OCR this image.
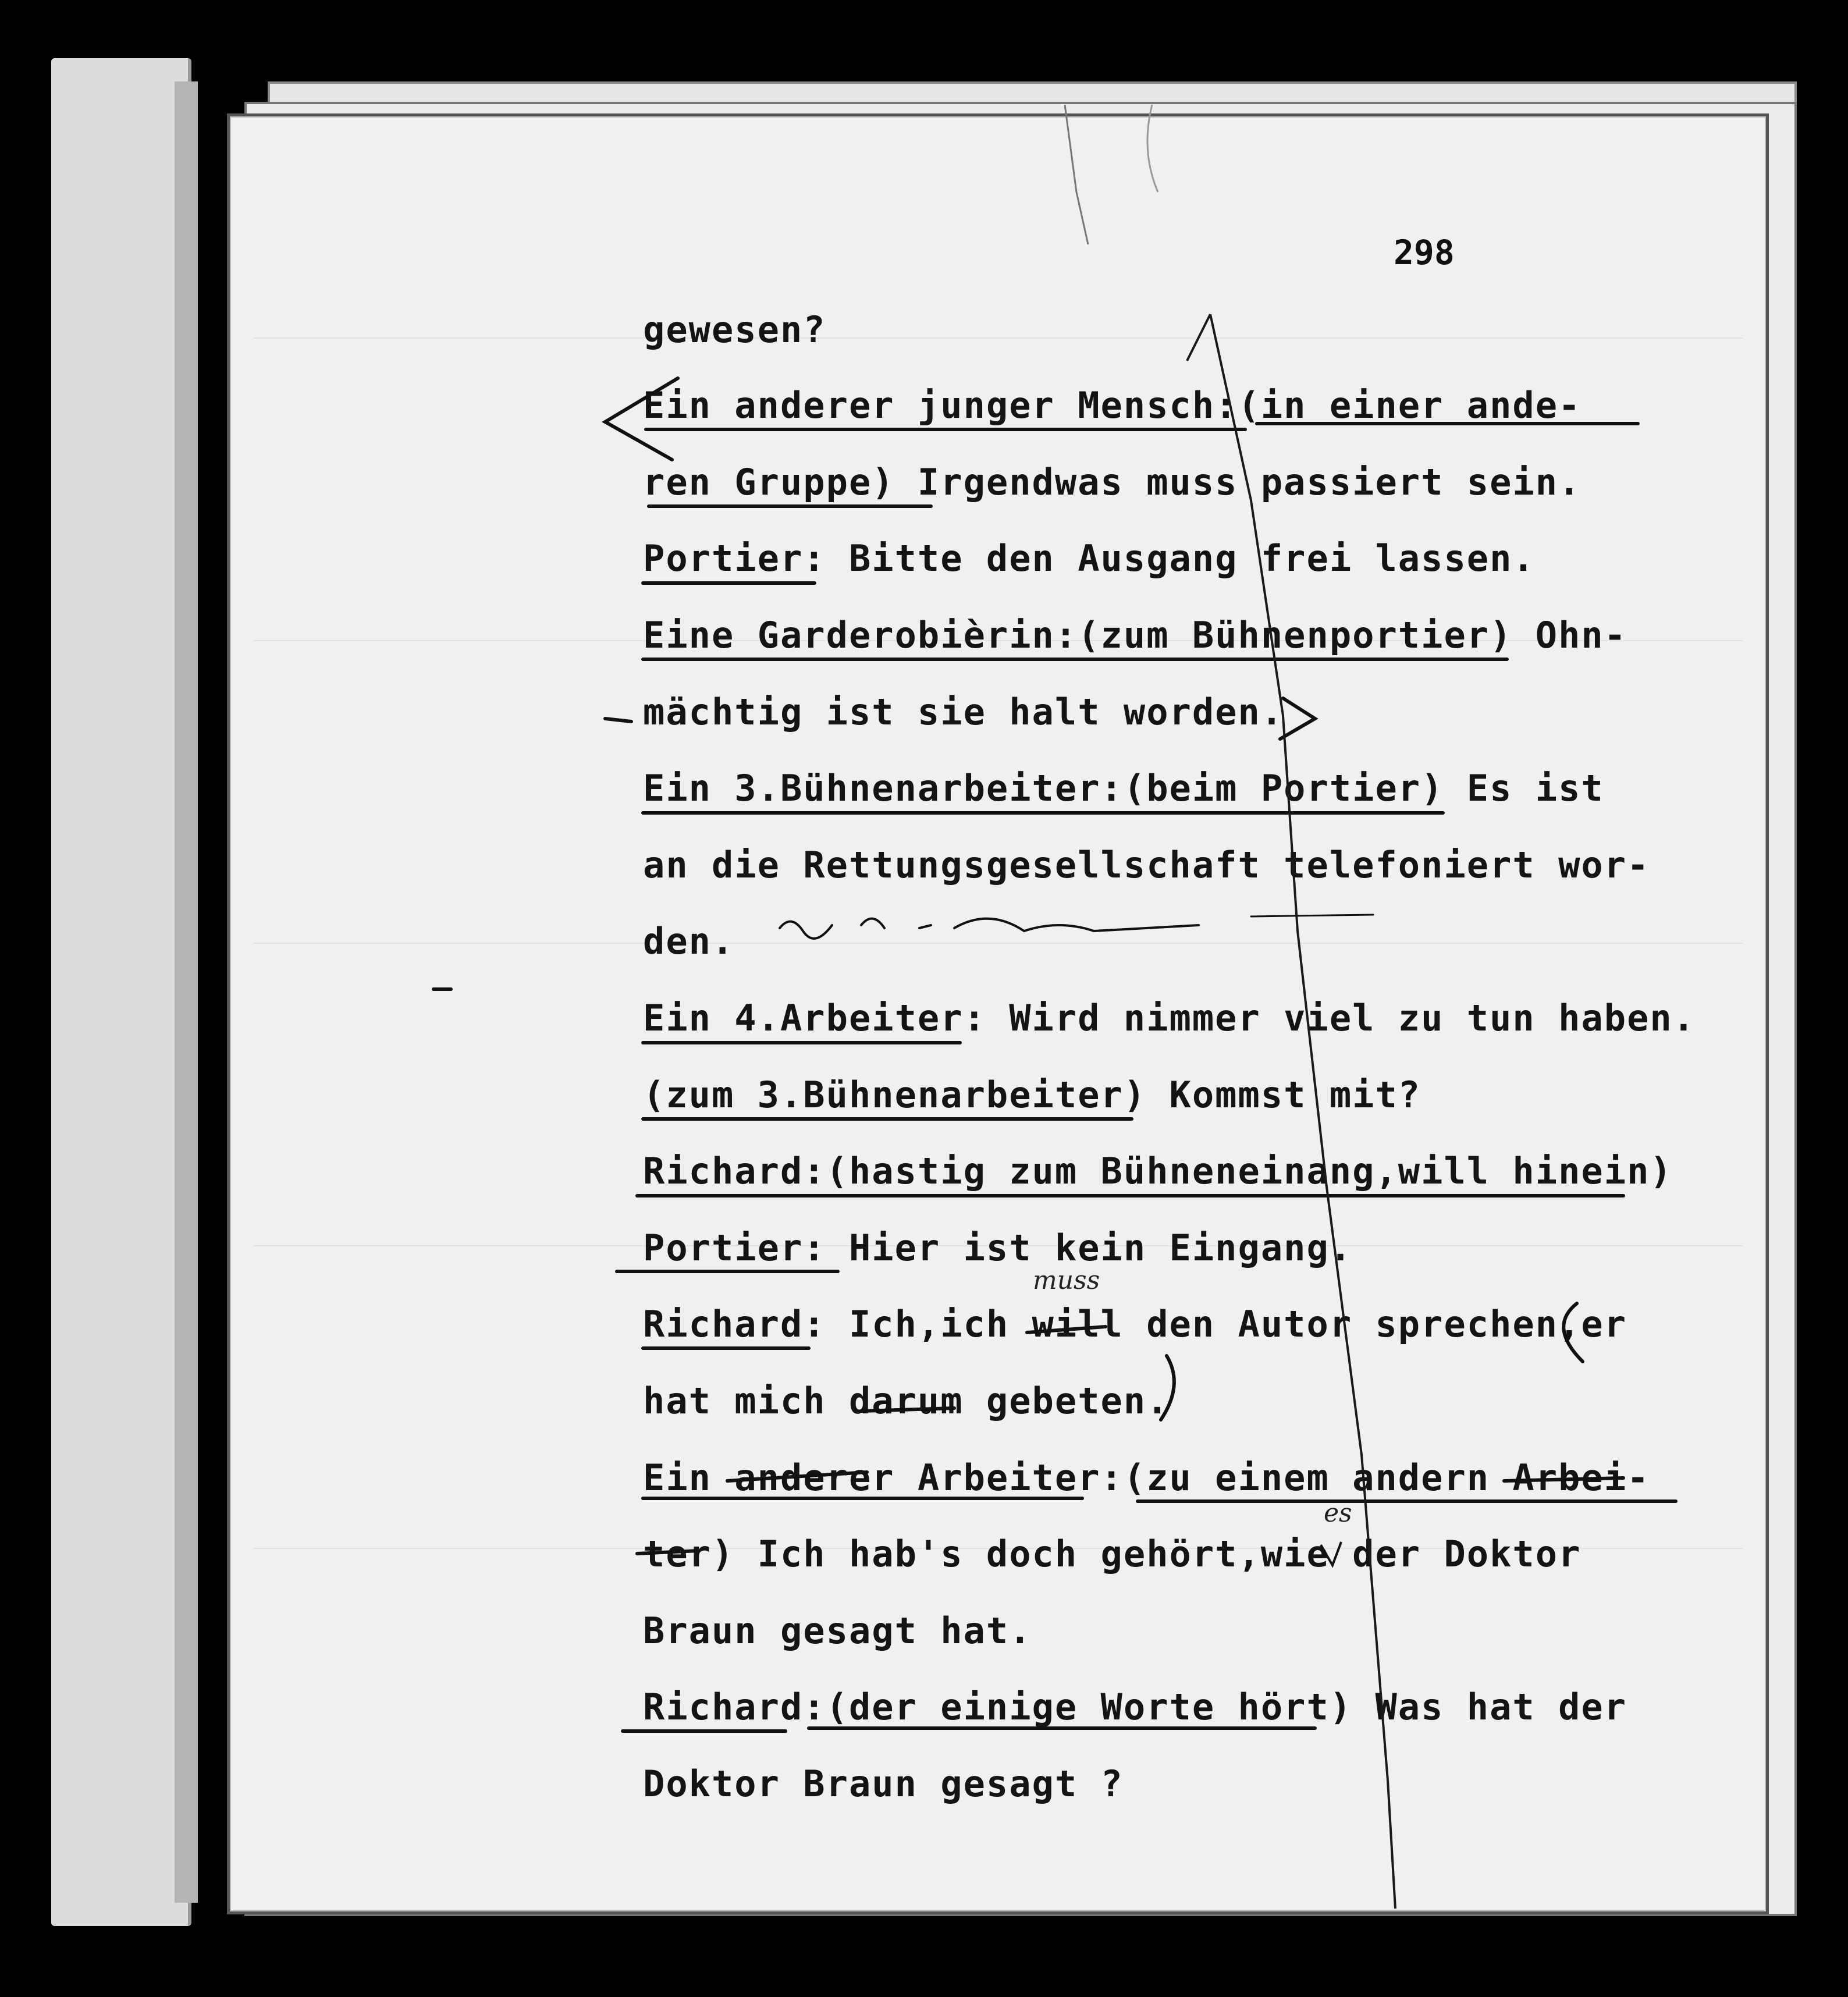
298
gewesen?
Ein anderer junger Mensch:(in einer ande-
ren Gruppe) Irgendwas muss passiert sein.
Portier: Bitte den Ausgang frei lassen.
Eine Garderobièrin:(zum Bühnenportier) Ohn-
mächtig ist sie halt worden.
Ein 3.Bühnenarbeiter:(beim Portier) Es ist
an die Rettungsgesellschaft telefoniert wor-
den.
Ein 4.Arbeiter: Wird nimmer viel zu tun haben.
(zum 3.Bühnenarbeiter) Kommst mit?
Richard:(hastig zum Bühneneinang,will hinein)
Portier: Hier ist kein Eingang.
Richard: Ich,ich will den Autor sprechen,er
hat mich darum gebeten.
Ein anderer Arbeiter:(zu einem andern Arbei-
ter) Ich hab's doch gehört,wie der Doktor
Braun gesagt hat.
Richard:(der einige Worte hört) Was hat der
Doktor Braun gesagt ?
muss
es
